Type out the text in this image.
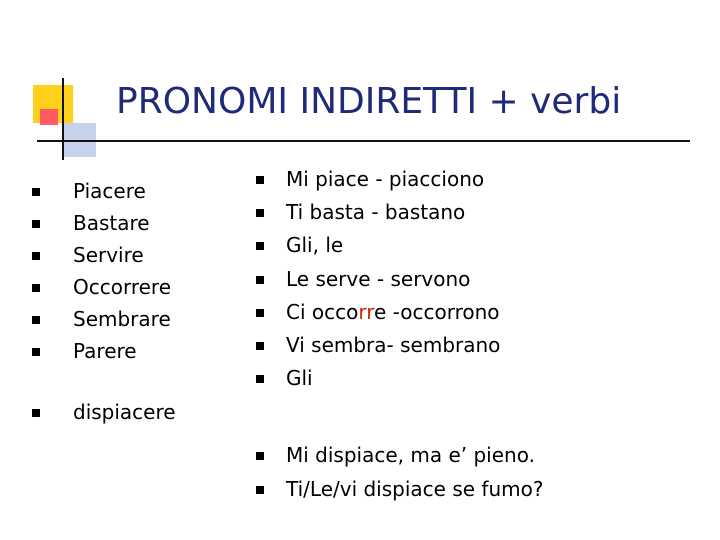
PRONOMI INDIRETTI + verbi
Piacere
Bastare
Servire
Occorrere
Sembrare
Parere
dispiacere
Mi piace - piacciono
Ti basta - bastano
Gli, le
Le serve - servono
Ci occorre -occorrono
Vi sembra- sembrano
Gli
Mi dispiace, ma e’ pieno.
Ti/Le/vi dispiace se fumo?
